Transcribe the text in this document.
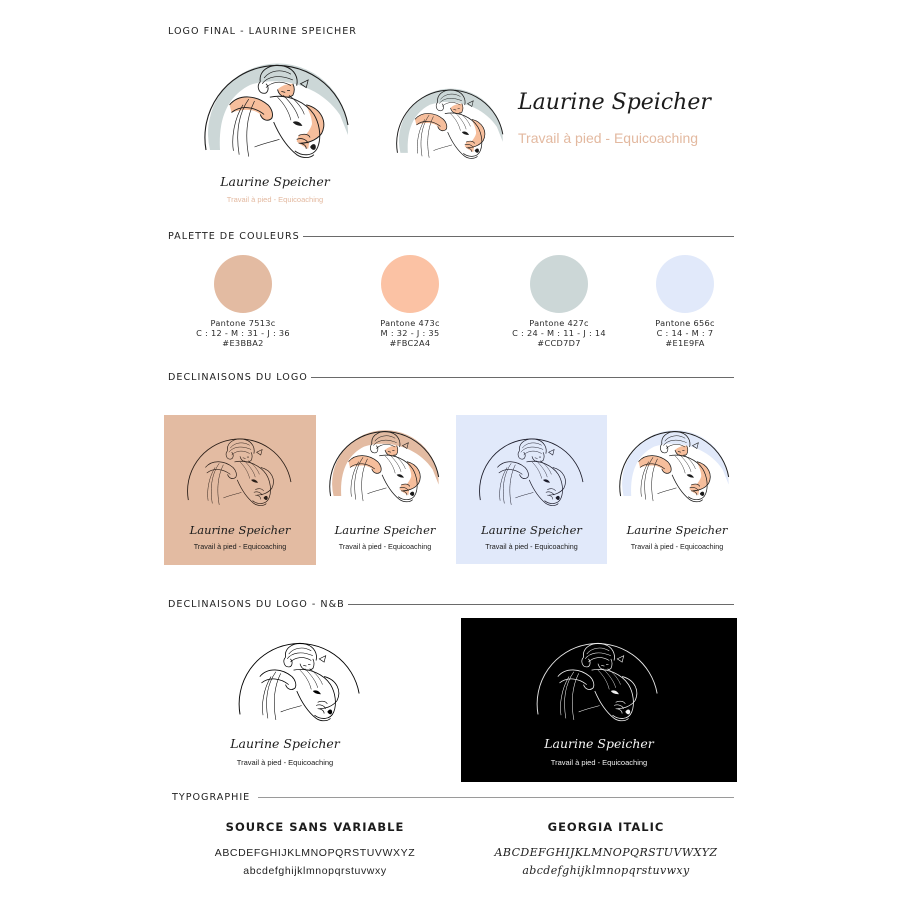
LOGO FINAL - LAURINE SPEICHER
Laurine Speicher
Travail à pied - Equicoaching
Laurine Speicher
Travail à pied - Equicoaching
PALETTE DE COULEURS
Pantone 7513c
C : 12 - M : 31 - J : 36
#E3BBA2
Pantone 473c
M : 32 - J : 35
#FBC2A4
Pantone 427c
C : 24 - M : 11 - J : 14
#CCD7D7
Pantone 656c
C : 14 - M : 7
#E1E9FA
DECLINAISONS DU LOGO
Laurine Speicher
Travail à pied - Equicoaching
Laurine Speicher
Travail à pied - Equicoaching
Laurine Speicher
Travail à pied - Equicoaching
Laurine Speicher
Travail à pied - Equicoaching
DECLINAISONS DU LOGO - N&B
Laurine Speicher
Travail à pied - Equicoaching
Laurine Speicher
Travail à pied - Equicoaching
TYPOGRAPHIE
SOURCE SANS VARIABLE
ABCDEFGHIJKLMNOPQRSTUVWXYZ
abcdefghijklmnopqrstuvwxy
GEORGIA ITALIC
ABCDEFGHIJKLMNOPQRSTUVWXYZ
abcdefghijklmnopqrstuvwxy
